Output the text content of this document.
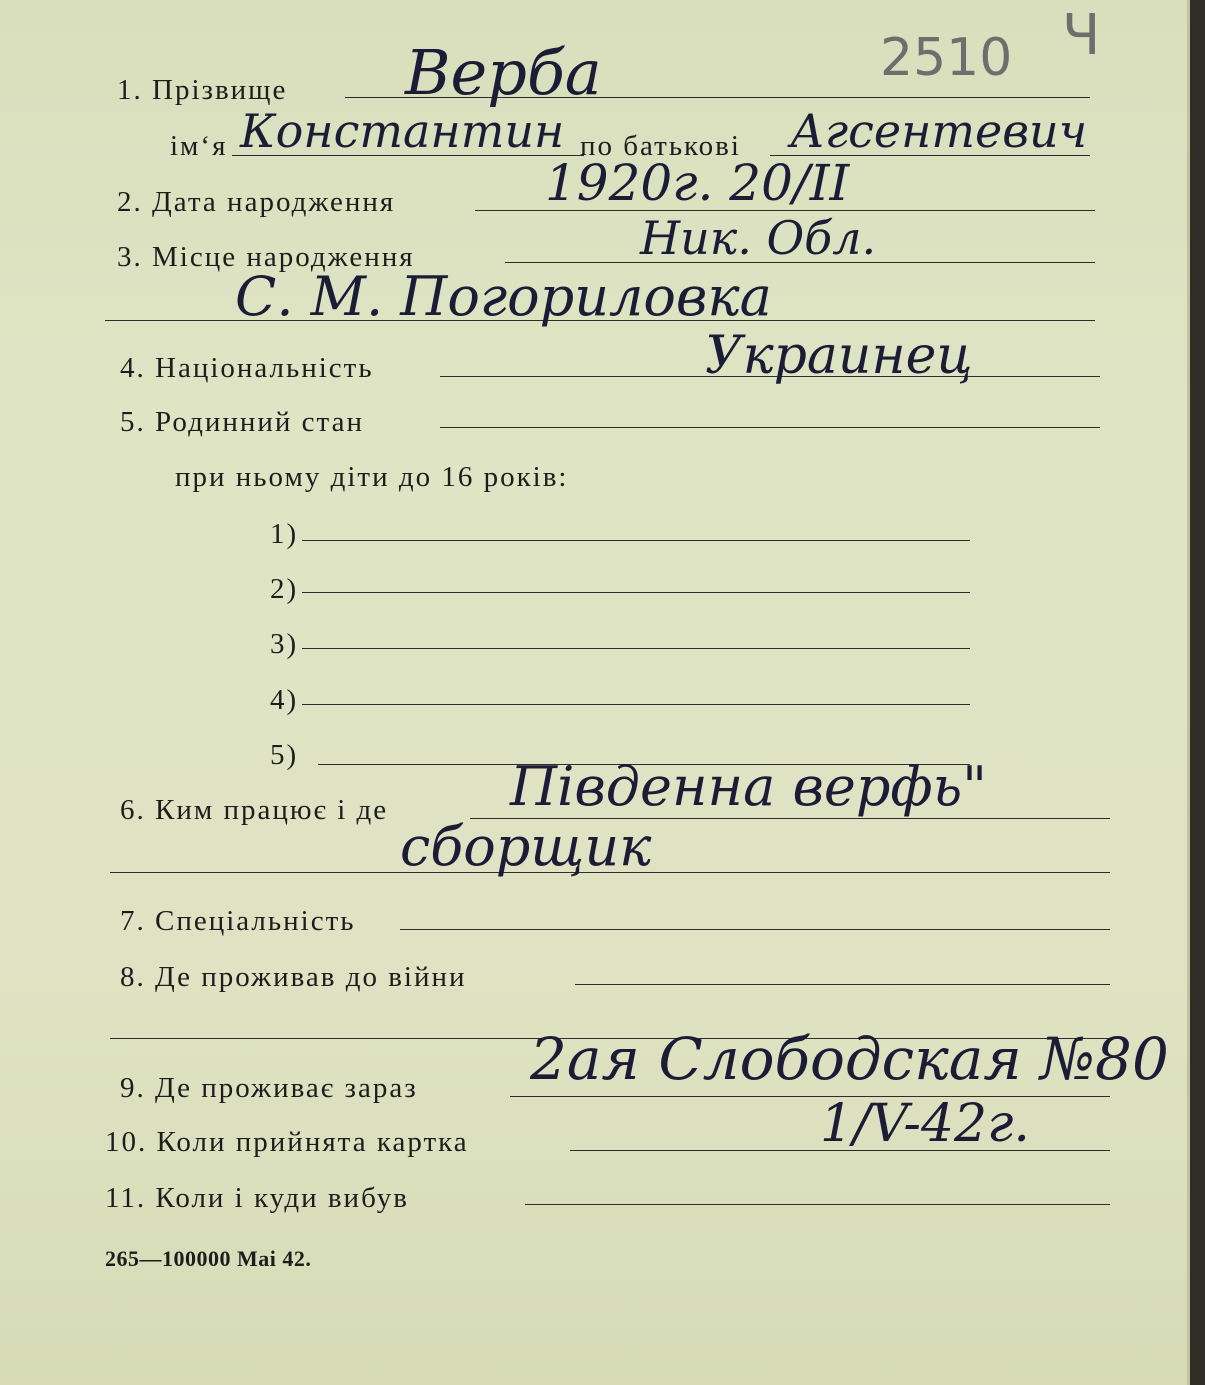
2510 Ч
1. Прізвище Верба
ім‘я Константин по батькові Агсентевич
2. Дата народження	1920г. 20/ІІ
3. Місце народження	Ник. Обл.
С. М. Погориловка
4. Національність	Украинец
5. Родинний стан
при ньому діти до 16 років:
1)
2)
3)
4)
5)
6. Ким працює і де Південна верфь"
сборщик
7. Спеціальність
8. Де проживав до війни
9. Де проживає зараз 2ая Слободская №80
10. Коли прийнята картка	1/V-42г.
11. Коли і куди вибув
265—100000 Mai 42.
